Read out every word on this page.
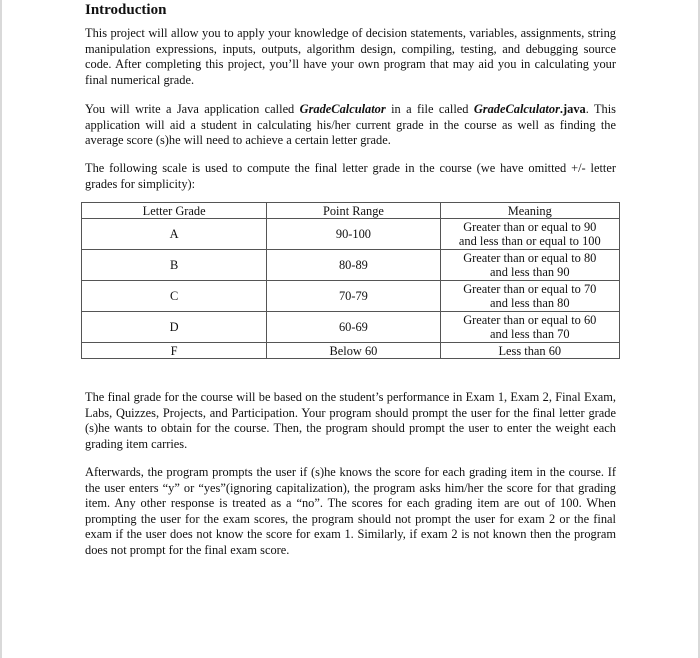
Introduction

This project will allow you to apply your knowledge of decision statements, variables, assignments, string manipulation expressions, inputs, outputs, algorithm design, compiling, testing, and debugging source code. After completing this project, you’ll have your own program that may aid you in calculating your final numerical grade.

You will write a Java application called GradeCalculator in a file called GradeCalculator.java. This application will aid a student in calculating his/her current grade in the course as well as finding the average score (s)he will need to achieve a certain letter grade.

The following scale is used to compute the final letter grade in the course (we have omitted +/- letter grades for simplicity):

Letter Grade	Point Range	Meaning
A	90-100	Greater than or equal to 90
and less than or equal to 100

B	80-89	Greater than or equal to 80
and less than 90

C	70-79	Greater than or equal to 70
and less than 80

D	60-69	Greater than or equal to 60
and less than 70

F	Below 60	Less than 60

The final grade for the course will be based on the student’s performance in Exam 1, Exam 2, Final Exam, Labs, Quizzes, Projects, and Participation. Your program should prompt the user for the final letter grade (s)he wants to obtain for the course. Then, the program should prompt the user to enter the weight each grading item carries.

Afterwards, the program prompts the user if (s)he knows the score for each grading item in the course. If the user enters “y” or “yes”(ignoring capitalization), the program asks him/her the score for that grading item. Any other response is treated as a “no”. The scores for each grading item are out of 100. When prompting the user for the exam scores, the program should not prompt the user for exam 2 or the final exam if the user does not know the score for exam 1. Similarly, if exam 2 is not known then the program does not prompt for the final exam score.
